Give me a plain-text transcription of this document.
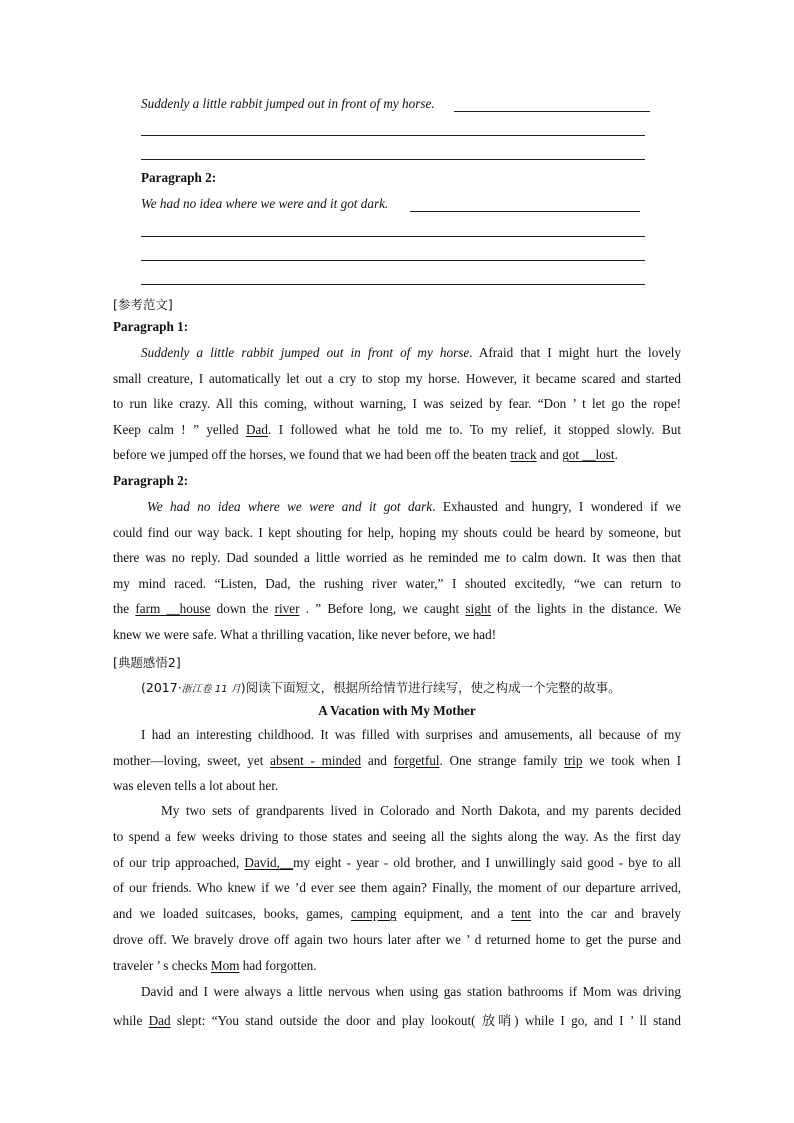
Suddenly a little rabbit jumped out in front of my horse.
Paragraph 2:
We had no idea where we were and it got dark.
[参考范文]
Paragraph 1:
Suddenly a little rabbit jumped out in front of my horse. Afraid that I might hurt the lovely
small creature, I automatically let out a cry to stop my horse. However, it became scared and started
to run like crazy. All this coming, without warning, I was seized by fear. “Don ’ t let go the rope!
Keep calm ! ” yelled Dad. I followed what he told me to. To my relief, it stopped slowly. But
before we jumped off the horses, we found that we had been off the beaten track and got __lost.
Paragraph 2:
We had no idea where we were and it got dark. Exhausted and hungry, I wondered if we
could find our way back. I kept shouting for help, hoping my shouts could be heard by someone, but
there was no reply. Dad sounded a little worried as he reminded me to calm down. It was then that
my mind raced. “Listen, Dad, the rushing river water,” I shouted excitedly, “we can return to
the farm __house down the river . ” Before long, we caught sight of the lights in the distance. We
knew we were safe. What a thrilling vacation, like never before, we had!
[典题感悟2]
(2017·浙江卷 11 月)阅读下面短文，根据所给情节进行续写，使之构成一个完整的故事。
A Vacation with My Mother
I had an interesting childhood. It was filled with surprises and amusements, all because of my
mother—loving, sweet, yet absent - minded and forgetful. One strange family trip we took when I
was eleven tells a lot about her.
My two sets of grandparents lived in Colorado and North Dakota, and my parents decided
to spend a few weeks driving to those states and seeing all the sights along the way. As the first day
of our trip approached, David,__my eight - year - old brother, and I unwillingly said good - bye to all
of our friends. Who knew if we ’d ever see them again? Finally, the moment of our departure arrived,
and we loaded suitcases, books, games, camping equipment, and a tent into the car and bravely
drove off. We bravely drove off again two hours later after we ’ d returned home to get the purse and
traveler ’ s checks Mom had forgotten.
David and I were always a little nervous when using gas station bathrooms if Mom was driving
while Dad slept: “You stand outside the door and play lookout( 放哨) while I go, and I ’ ll stand
